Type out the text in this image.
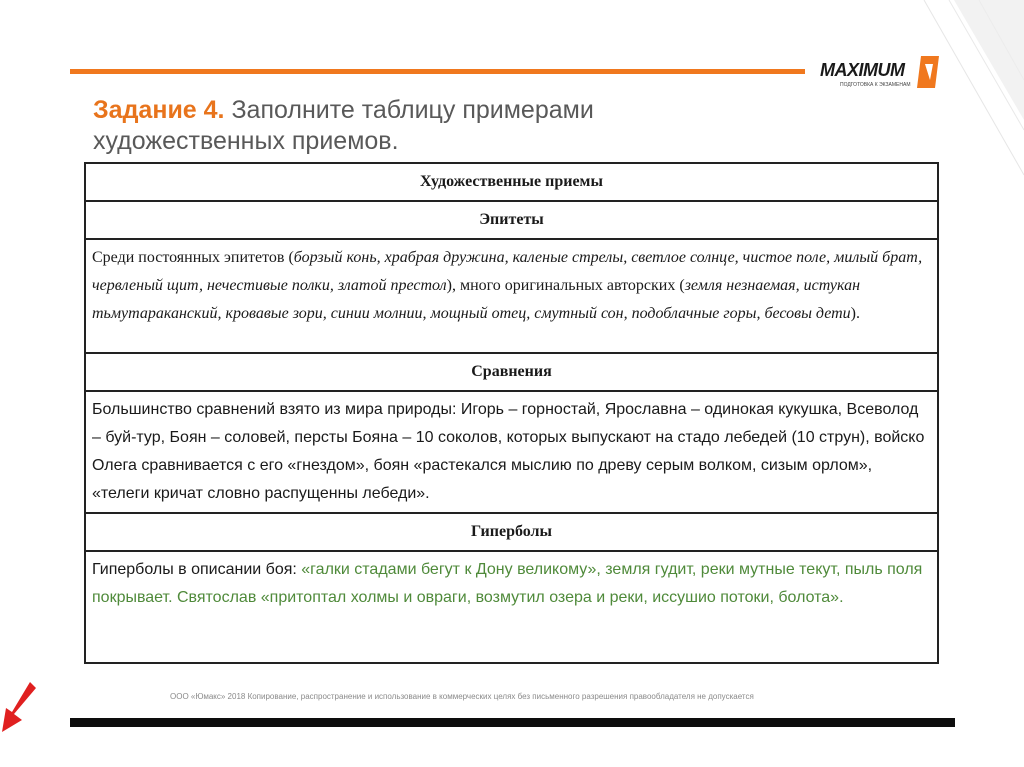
MAXIMUM
ПОДГОТОВКА К ЭКЗАМЕНАМ
Задание 4. Заполните таблицу примерами
художественных приемов.
Художественные приемы
Эпитеты
Среди постоянных эпитетов (борзый конь, храбрая дружина, каленые стрелы, светлое солнце, чистое поле, милый брат, червленый щит, нечестивые полки, златой престол), много оригинальных авторских (земля незнаемая, истукан тьмутараканский, кровавые зори, синии молнии, мощный отец, смутный сон, подоблачные горы, бесовы дети).
Сравнения
Большинство сравнений взято из мира природы: Игорь – горностай, Ярославна – одинокая кукушка, Всеволод – буй-тур, Боян – соловей, персты Бояна – 10 соколов, которых выпускают на стадо лебедей (10 струн), войско Олега сравнивается с его «гнездом», боян «растекался мыслию по древу серым волком, сизым орлом», «телеги кричат словно распущенны лебеди».
Гиперболы
Гиперболы в описании боя: «галки стадами бегут к Дону великому», земля гудит, реки мутные текут, пыль поля покрывает. Святослав «притоптал холмы и овраги, возмутил озера и реки, иссушио потоки, болота».
ООО «Юмакс» 2018 Копирование, распространение и использование в коммерческих целях без письменного разрешения правообладателя не допускается
